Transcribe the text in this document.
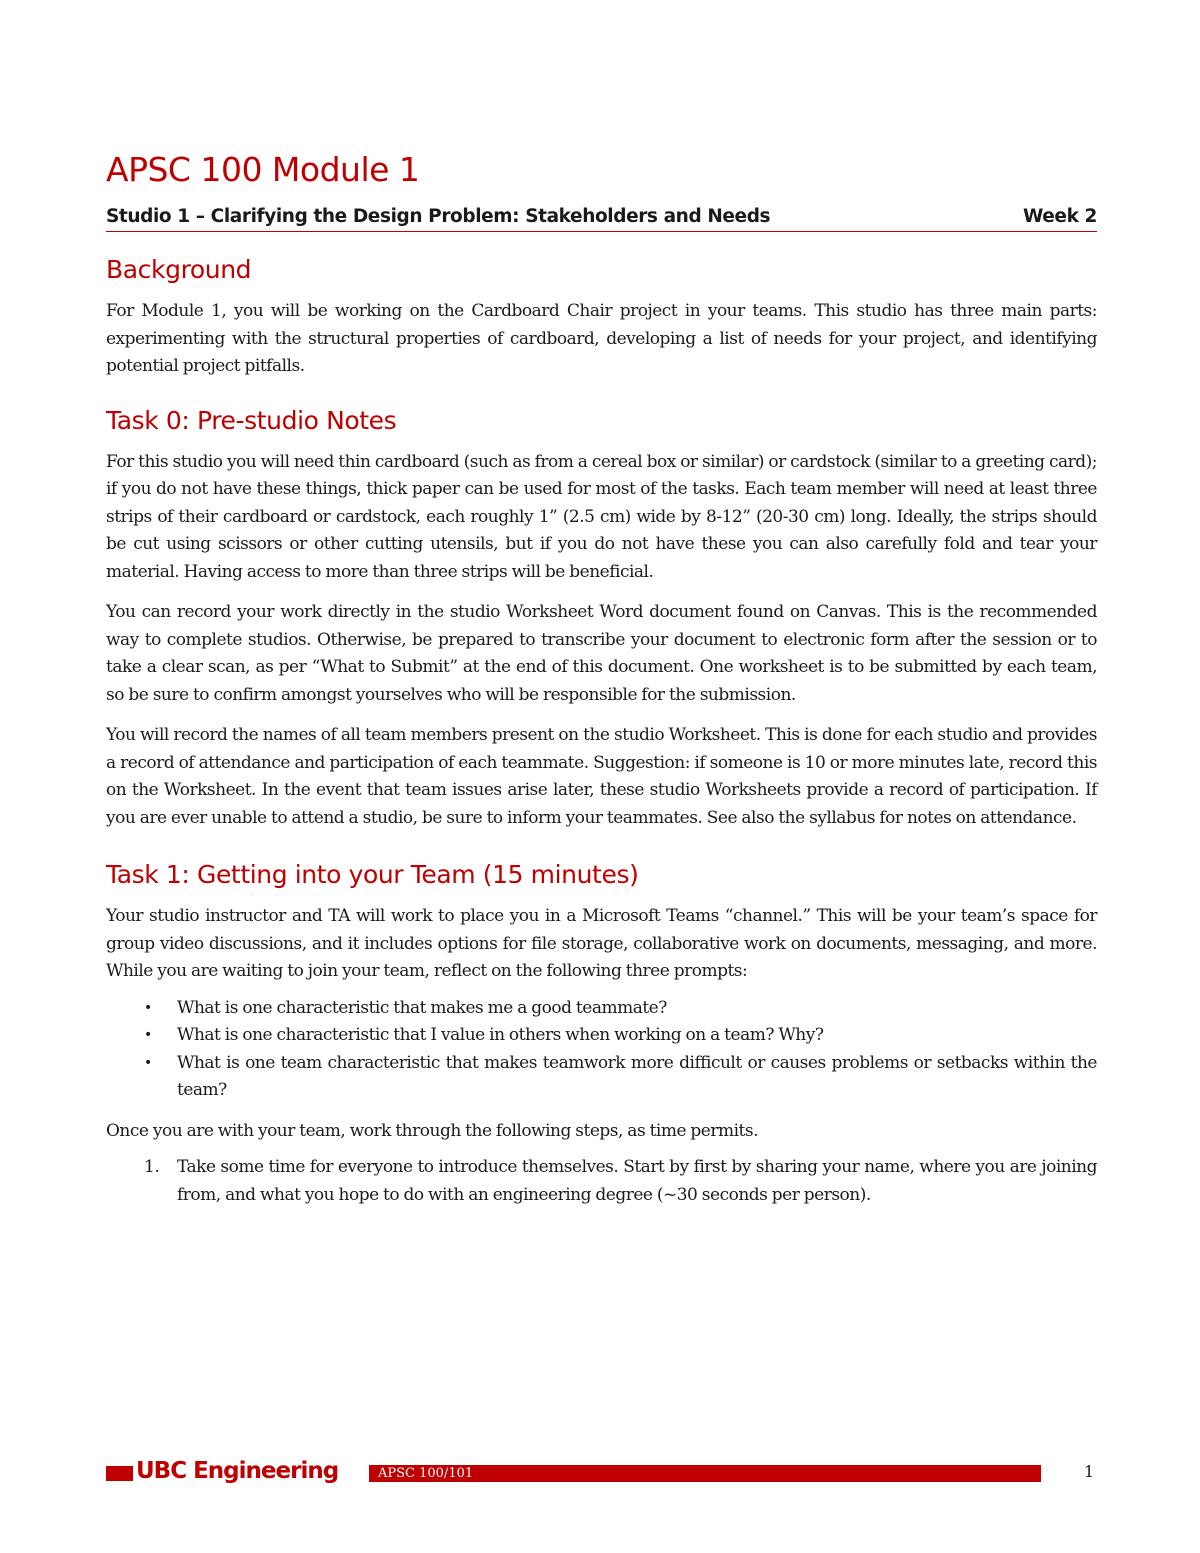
APSC 100 Module 1
Studio 1 – Clarifying the Design Problem: Stakeholders and Needs	Week 2
Background

For Module 1, you will be working on the Cardboard Chair project in your teams. This studio has three main parts: experimenting with the structural properties of cardboard, developing a list of needs for your project, and identifying potential project pitfalls.

Task 0: Pre-studio Notes

For this studio you will need thin cardboard (such as from a cereal box or similar) or cardstock (similar to a greeting card); if you do not have these things, thick paper can be used for most of the tasks. Each team member will need at least three strips of their cardboard or cardstock, each roughly 1” (2.5 cm) wide by 8-12” (20-30 cm) long. Ideally, the strips should be cut using scissors or other cutting utensils, but if you do not have these you can also carefully fold and tear your material. Having access to more than three strips will be beneficial.

You can record your work directly in the studio Worksheet Word document found on Canvas. This is the recommended way to complete studios. Otherwise, be prepared to transcribe your document to electronic form after the session or to take a clear scan, as per “What to Submit” at the end of this document. One worksheet is to be submitted by each team, so be sure to confirm amongst yourselves who will be responsible for the submission.

You will record the names of all team members present on the studio Worksheet. This is done for each studio and provides a record of attendance and participation of each teammate. Suggestion: if someone is 10 or more minutes late, record this on the Worksheet. In the event that team issues arise later, these studio Worksheets provide a record of participation. If you are ever unable to attend a studio, be sure to inform your teammates. See also the syllabus for notes on attendance.

Task 1: Getting into your Team (15 minutes)

Your studio instructor and TA will work to place you in a Microsoft Teams “channel.” This will be your team’s space for group video discussions, and it includes options for file storage, collaborative work on documents, messaging, and more. While you are waiting to join your team, reflect on the following three prompts:

• What is one characteristic that makes me a good teammate?
• What is one characteristic that I value in others when working on a team? Why?
• What is one team characteristic that makes teamwork more difficult or causes problems or setbacks within the team?

Once you are with your team, work through the following steps, as time permits.

1. Take some time for everyone to introduce themselves. Start by first by sharing your name, where you are joining from, and what you hope to do with an engineering degree (~30 seconds per person).
UBC Engineering	APSC 100/101	1
